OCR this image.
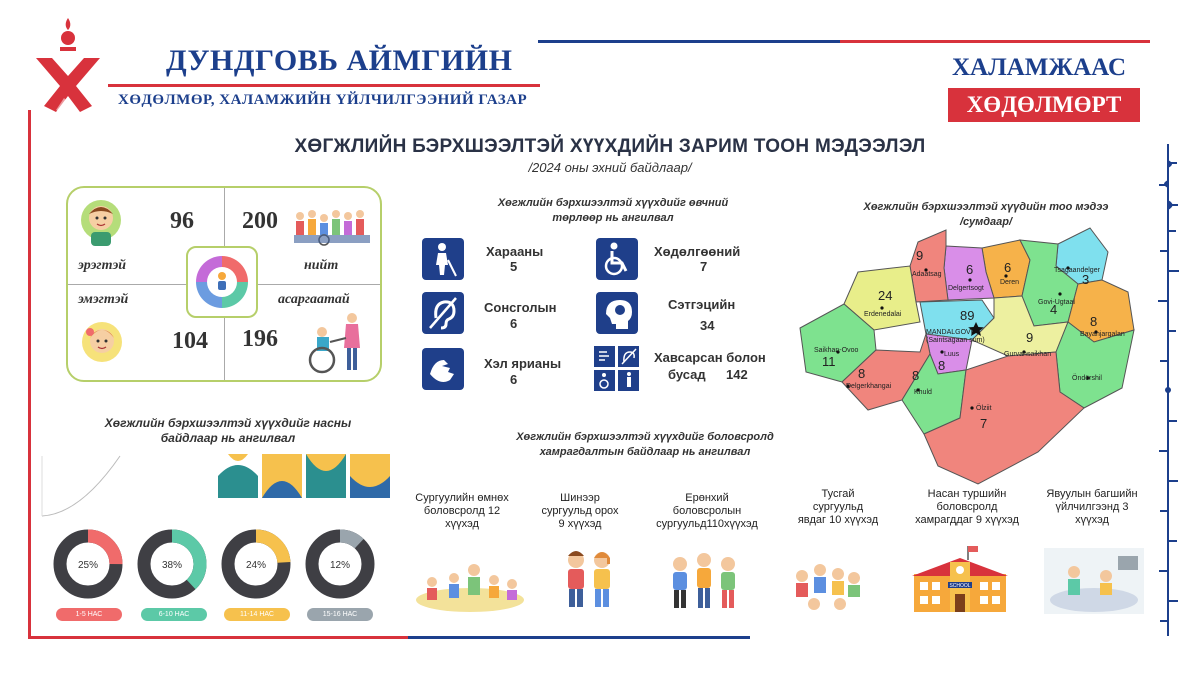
ДУНДГОВЬ АЙМГИЙН
ХӨДӨЛМӨР, ХАЛАМЖИЙН ҮЙЛЧИЛГЭЭНИЙ ГАЗАР
ХАЛАМЖААС
ХӨДӨЛМӨРТ
ХӨГЖЛИЙН БЭРХШЭЭЛТЭЙ ХҮҮХДИЙН ЗАРИМ ТООН МЭДЭЭЛЭЛ
/2024 оны эхний байдлаар/
96
эрэгтэй
200
нийт
эмэгтэй
104
асаргаатай
196
Хөгжлийн бэрхшээлтэй хүүхдийг насны
байдлаар нь ангилвал
25%	38%	24%	12%
1-5 НАС	6-10 НАС	11-14 НАС	15-16 НАС
Хөгжлийн бэрхшээлтэй хүүхдийг өвчний
төрлөөр нь ангилвал
Харааны
5
Хөдөлгөөний
7
Сонсголын
6
Сэтгэцийн
34
Хэл ярианы
6
Хавсарсан болон
бусад 142
Хөгжлийн бэрхшээлтэй хүүхдийг боловсролд
хамрагдалтын байдлаар нь ангилвал
Сургуулийн өмнөх
боловсролд 12
хүүхэд
Шинээр
сургуульд орох
9 хүүхэд
Ерөнхий
боловсролын
сургуульд110хүүхэд
Тусгай
сургуульд
явдаг 10 хүүхэд
Насан туршийн
боловсролд
хамрагддаг 9 хүүхэд
Явуулын багшийн
үйлчилгээнд 3
хүүхэд
SCHOOL
Хөгжлийн бэрхшээлтэй хүүдийн тоо мэдээ
/сумдаар/
9
Adaatsag 6
Delgertsogt
6
Deren
Tsagaandelger
3
24
Erdenedalai
Govi-Ugtaal
4
8
Bayanjargalan
89
MANDALGOVI
(Saintsagaan sum)
Luus
8
9
Gurvansaikhan
Saikhan-Ovoo
11
8
Delgerkhangai
8
Khuld
Ölziit
7
Öndörshil
